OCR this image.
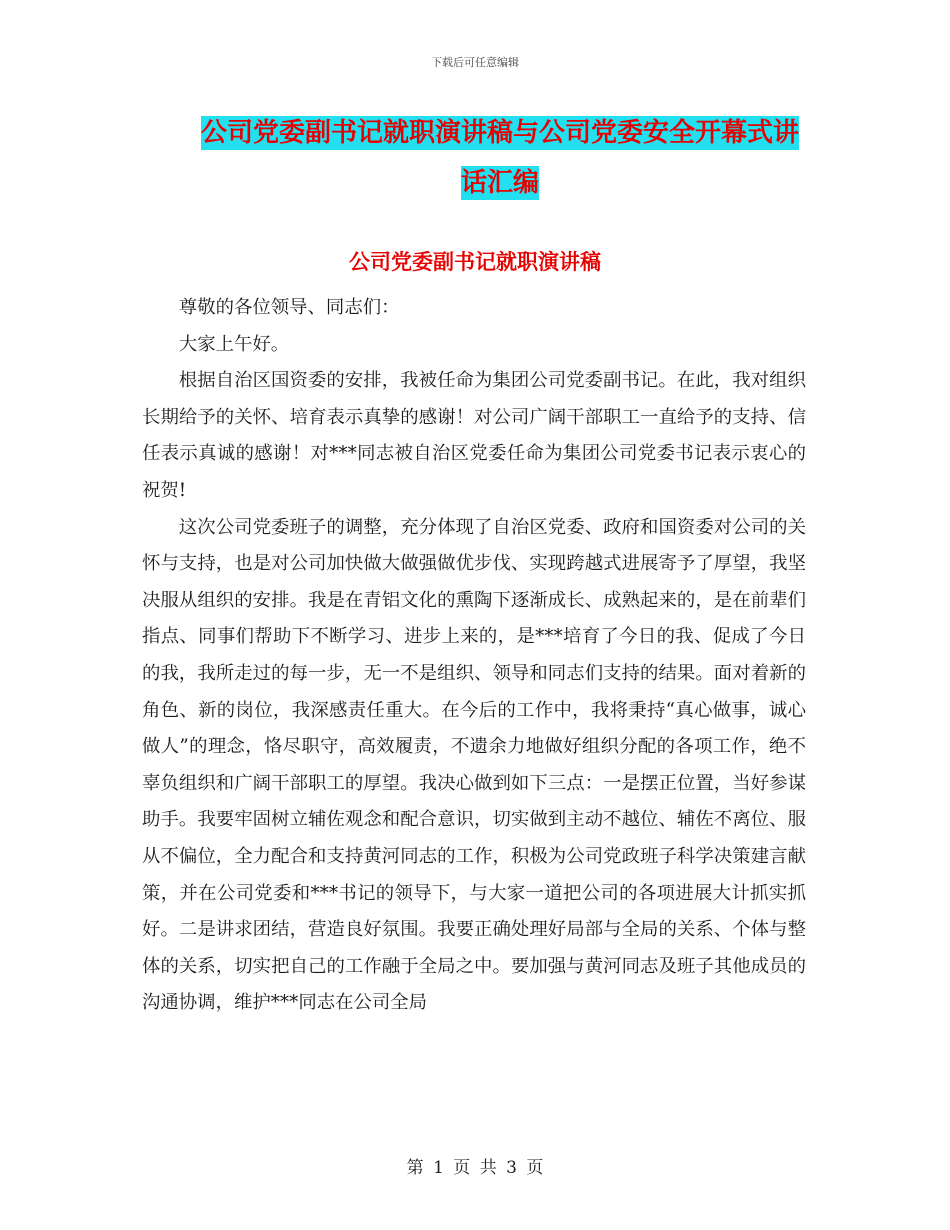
下载后可任意编辑
公司党委副书记就职演讲稿与公司党委安全开幕式讲
话汇编
公司党委副书记就职演讲稿

尊敬的各位领导、同志们：

大家上午好。

根据自治区国资委的安排，我被任命为集团公司党委副书记。在此，我对组织长期给予的关怀、培育表示真挚的感谢！对公司广阔干部职工一直给予的支持、信任表示真诚的感谢！对***同志被自治区党委任命为集团公司党委书记表示衷心的祝贺!

这次公司党委班子的调整，充分体现了自治区党委、政府和国资委对公司的关怀与支持，也是对公司加快做大做强做优步伐、实现跨越式进展寄予了厚望，我坚决服从组织的安排。我是在青铝文化的熏陶下逐渐成长、成熟起来的，是在前辈们指点、同事们帮助下不断学习、进步上来的，是***培育了今日的我、促成了今日的我，我所走过的每一步，无一不是组织、领导和同志们支持的结果。面对着新的角色、新的岗位，我深感责任重大。在今后的工作中，我将秉持“真心做事，诚心做人”的理念，恪尽职守，高效履责，不遗余力地做好组织分配的各项工作，绝不辜负组织和广阔干部职工的厚望。我决心做到如下三点：一是摆正位置，当好参谋助手。我要牢固树立辅佐观念和配合意识，切实做到主动不越位、辅佐不离位、服从不偏位，全力配合和支持黄河同志的工作，积极为公司党政班子科学决策建言献策，并在公司党委和***书记的领导下，与大家一道把公司的各项进展大计抓实抓好。二是讲求团结，营造良好氛围。我要正确处理好局部与全局的关系、个体与整体的关系，切实把自己的工作融于全局之中。要加强与黄河同志及班子其他成员的沟通协调，维护***同志在公司全局

第 1 页 共 3 页
